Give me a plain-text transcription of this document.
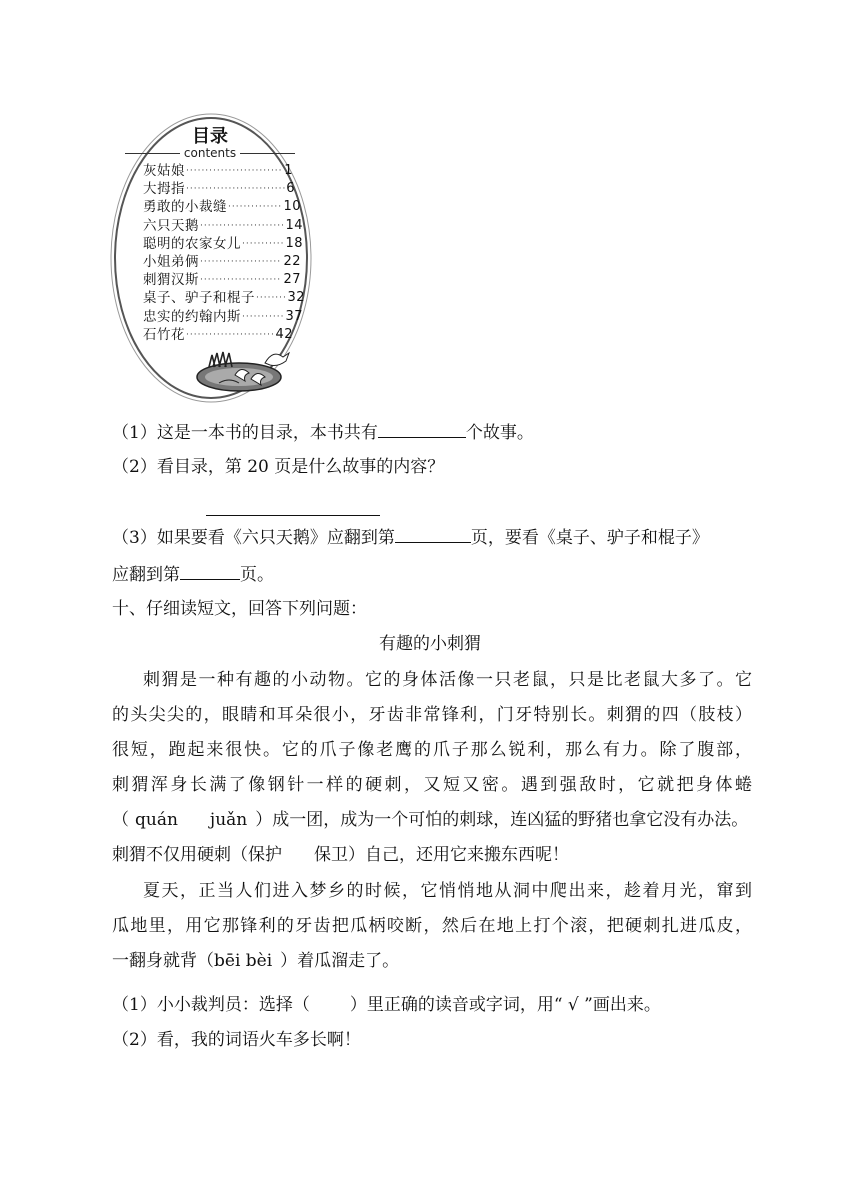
目录
contents
灰姑娘 ·····	1
大拇指 ·····	6
勇敢的小裁缝 ·····	10
六只天鹅 ·····	14
聪明的农家女儿 ·····	18
小姐弟俩 ·····	22
刺猬汉斯 ·····	27
桌子、驴子和棍子 ····· 32
忠实的约翰内斯 ·····	37
石竹花 ·····	42
（1）这是一本书的目录，本书共有	个故事。
（2）看目录，第 20 页是什么故事的内容？
（3）如果要看《六只天鹅》应翻到第	页，要看《桌子、驴子和棍子》
应翻到第	页。
十、仔细读短文，回答下列问题：
有趣的小刺猬
刺猬是一种有趣的小动物。它的身体活像一只老鼠，只是比老鼠大多了。它
的头尖尖的，眼睛和耳朵很小，牙齿非常锋利，门牙特别长。刺猬的四（肢枝）
很短，跑起来很快。它的爪子像老鹰的爪子那么锐利，那么有力。除了腹部，
刺猬浑身长满了像钢针一样的硬刺，又短又密。遇到强敌时，它就把身体蜷
（ quán juǎn ）成一团，成为一个可怕的刺球，连凶猛的野猪也拿它没有办法。
刺猬不仅用硬刺（保护 保卫）自己，还用它来搬东西呢！
夏天，正当人们进入梦乡的时候，它悄悄地从洞中爬出来，趁着月光，窜到
瓜地里，用它那锋利的牙齿把瓜柄咬断，然后在地上打个滚，把硬刺扎进瓜皮，
一翻身就背（bēi bèi ）着瓜溜走了。
（1）小小裁判员：选择（ ）里正确的读音或字词，用“ √ ”画出来。
（2）看，我的词语火车多长啊！
